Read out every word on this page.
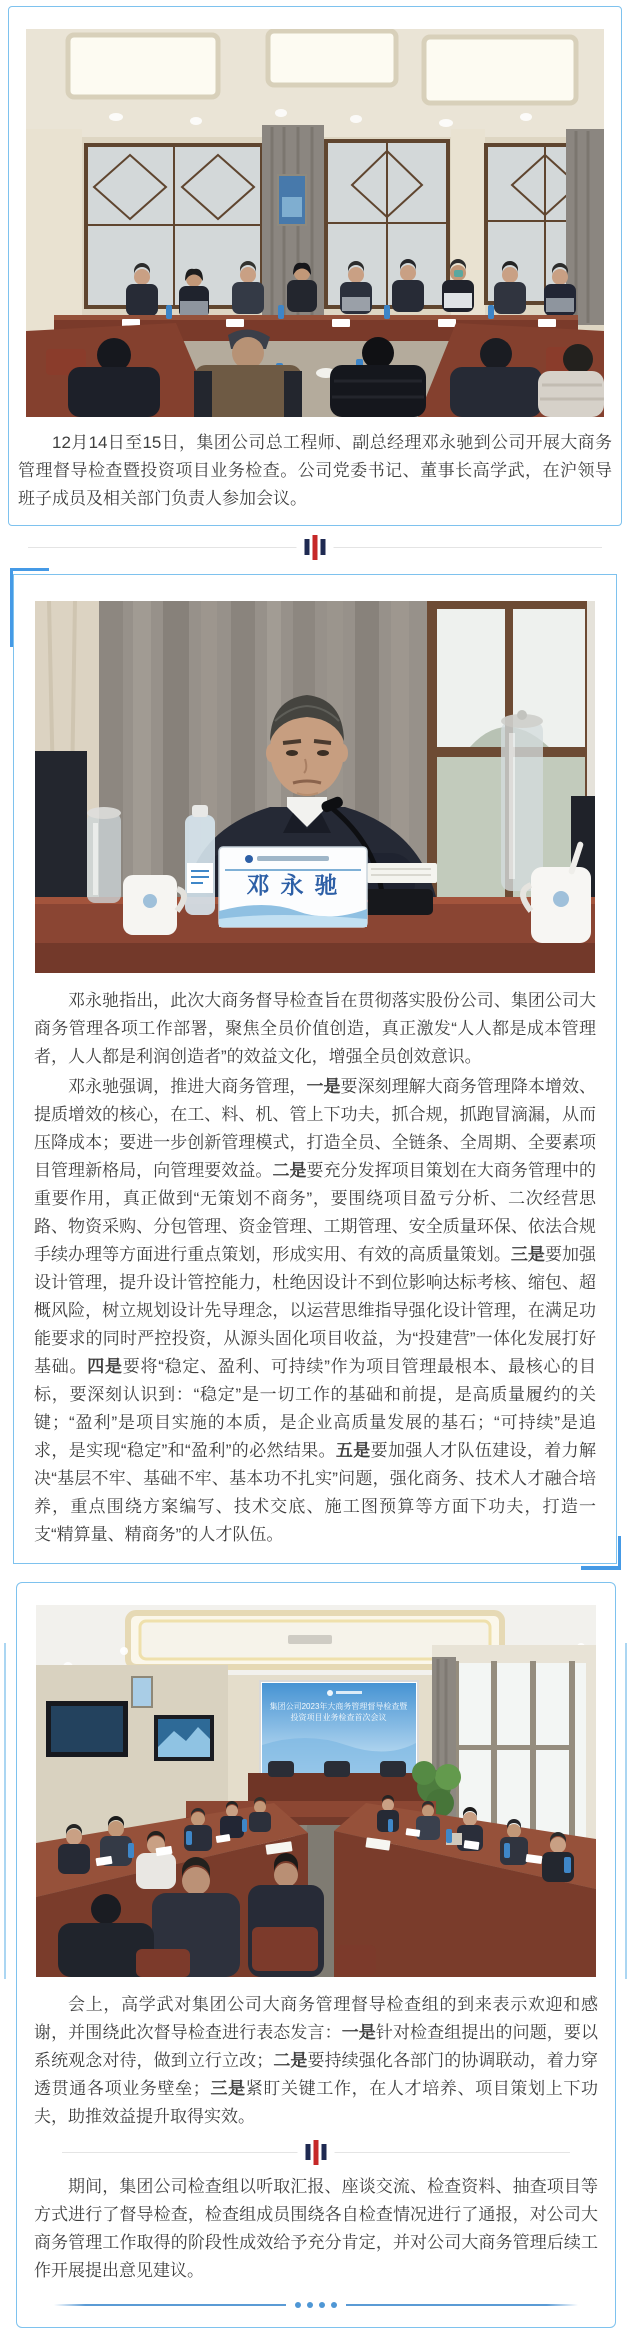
12月14日至15日，集团公司总工程师、副总经理邓永驰到公司开展大商务管理督导检查暨投资项目业务检查。公司党委书记、董事长高学武，在沪领导班子成员及相关部门负责人参加会议。

邓永驰

邓永驰指出，此次大商务督导检查旨在贯彻落实股份公司、集团公司大商务管理各项工作部署，聚焦全员价值创造，真正激发“人人都是成本管理者，人人都是利润创造者”的效益文化，增强全员创效意识。

邓永驰强调，推进大商务管理，一是要深刻理解大商务管理降本增效、提质增效的核心，在工、料、机、管上下功夫，抓合规，抓跑冒滴漏，从而压降成本；要进一步创新管理模式，打造全员、全链条、全周期、全要素项目管理新格局，向管理要效益。二是要充分发挥项目策划在大商务管理中的重要作用，真正做到“无策划不商务”，要围绕项目盈亏分析、二次经营思路、物资采购、分包管理、资金管理、工期管理、安全质量环保、依法合规手续办理等方面进行重点策划，形成实用、有效的高质量策划。三是要加强设计管理，提升设计管控能力，杜绝因设计不到位影响达标考核、缩包、超概风险，树立规划设计先导理念，以运营思维指导强化设计管理，在满足功能要求的同时严控投资，从源头固化项目收益，为“投建营”一体化发展打好基础。四是要将“稳定、盈利、可持续”作为项目管理最根本、最核心的目标，要深刻认识到：“稳定”是一切工作的基础和前提，是高质量履约的关键；“盈利”是项目实施的本质，是企业高质量发展的基石；“可持续”是追求，是实现“稳定”和“盈利”的必然结果。五是要加强人才队伍建设，着力解决“基层不牢、基础不牢、基本功不扎实”问题，强化商务、技术人才融合培养，重点围绕方案编写、技术交底、施工图预算等方面下功夫，打造一支“精算量、精商务”的人才队伍。

集团公司2023年大商务管理督导检查暨
投资项目业务检查首次会议

会上，高学武对集团公司大商务管理督导检查组的到来表示欢迎和感谢，并围绕此次督导检查进行表态发言：一是针对检查组提出的问题，要以系统观念对待，做到立行立改；二是要持续强化各部门的协调联动，着力穿透贯通各项业务壁垒；三是紧盯关键工作，在人才培养、项目策划上下功夫，助推效益提升取得实效。

期间，集团公司检查组以听取汇报、座谈交流、检查资料、抽查项目等方式进行了督导检查，检查组成员围绕各自检查情况进行了通报，对公司大商务管理工作取得的阶段性成效给予充分肯定，并对公司大商务管理后续工作开展提出意见建议。
